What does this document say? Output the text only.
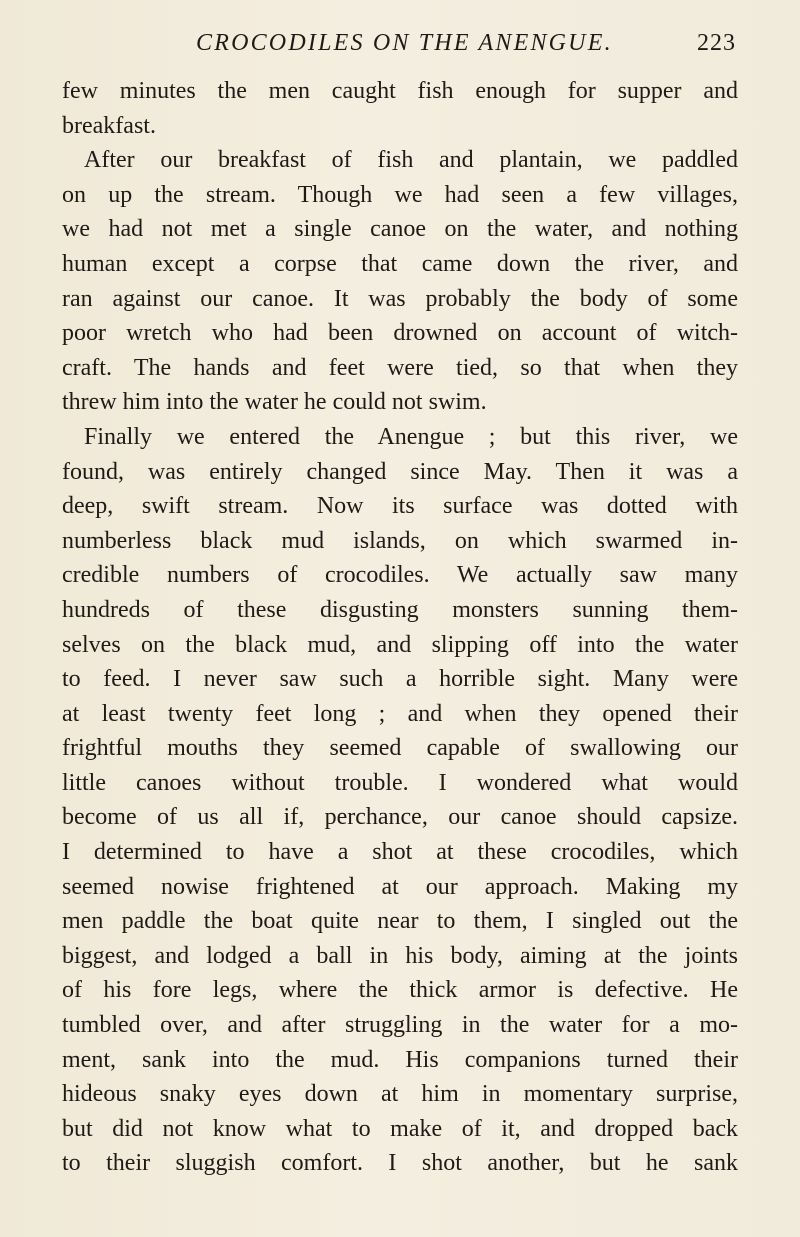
CROCODILES ON THE ANENGUE.	223
few minutes the men caught fish enough for supper and
breakfast.
After our breakfast of fish and plantain, we paddled
on up the stream. Though we had seen a few villages,
we had not met a single canoe on the water, and nothing
human except a corpse that came down the river, and
ran against our canoe. It was probably the body of some
poor wretch who had been drowned on account of witch-
craft. The hands and feet were tied, so that when they
threw him into the water he could not swim.
Finally we entered the Anengue ; but this river, we
found, was entirely changed since May. Then it was a
deep, swift stream. Now its surface was dotted with
numberless black mud islands, on which swarmed in-
credible numbers of crocodiles. We actually saw many
hundreds of these disgusting monsters sunning them-
selves on the black mud, and slipping off into the water
to feed. I never saw such a horrible sight. Many were
at least twenty feet long ; and when they opened their
frightful mouths they seemed capable of swallowing our
little canoes without trouble. I wondered what would
become of us all if, perchance, our canoe should capsize.
I determined to have a shot at these crocodiles, which
seemed nowise frightened at our approach. Making my
men paddle the boat quite near to them, I singled out the
biggest, and lodged a ball in his body, aiming at the joints
of his fore legs, where the thick armor is defective. He
tumbled over, and after struggling in the water for a mo-
ment, sank into the mud. His companions turned their
hideous snaky eyes down at him in momentary surprise,
but did not know what to make of it, and dropped back
to their sluggish comfort. I shot another, but he sank
